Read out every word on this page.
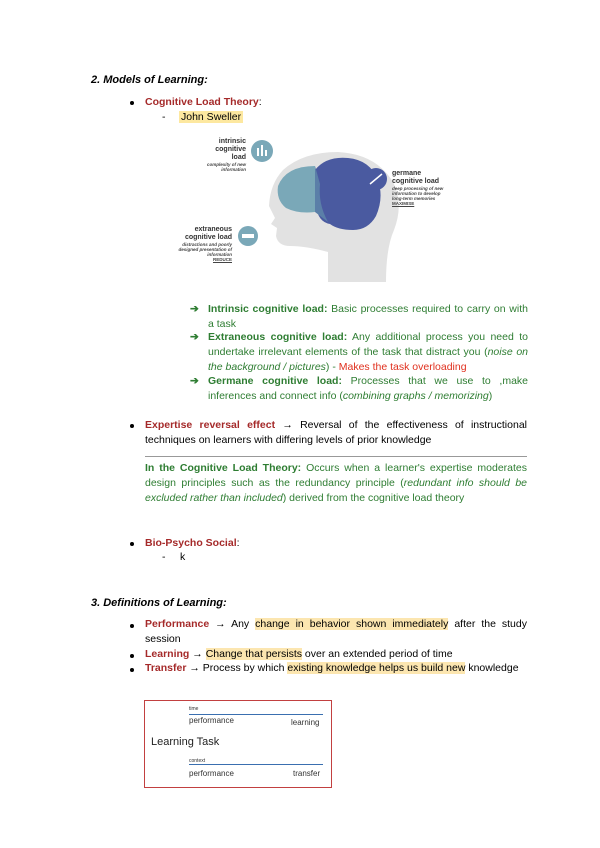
2. Models of Learning:
Cognitive Load Theory:
- John Sweller
intrinsic
cognitive load
complexity of new information
germane
cognitive load
deep processing of new information to develop long-term memories
MAXIMISE
extraneous
cognitive load
distractions and poorly designed presentation of information
REDUCE
➔ Intrinsic cognitive load: Basic processes required to carry on with a task
➔ Extraneous cognitive load: Any additional process you need to undertake irrelevant elements of the task that distract you (noise on the background / pictures) - Makes the task overloading
➔ Germane cognitive load: Processes that we use to ,make inferences and connect info (combining graphs / memorizing)
Expertise reversal effect → Reversal of the effectiveness of instructional techniques on learners with differing levels of prior knowledge
In the Cognitive Load Theory: Occurs when a learner's expertise moderates design principles such as the redundancy principle (redundant info should be excluded rather than included) derived from the cognitive load theory
Bio-Psycho Social:
- k
3. Definitions of Learning:
Performance → Any change in behavior shown immediately after the study session
Learning → Change that persists over an extended period of time
Transfer → Process by which existing knowledge helps us build new knowledge
time
performance	learning
Learning Task
context
performance	transfer
